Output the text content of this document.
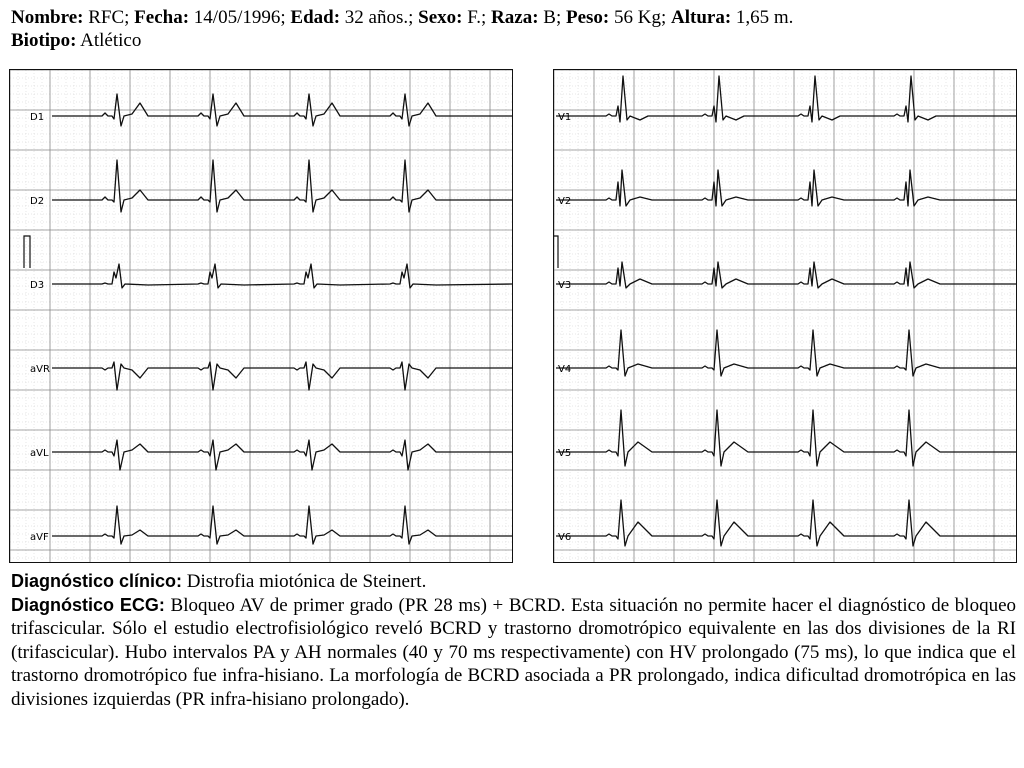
Nombre: RFC; Fecha: 14/05/1996; Edad: 32 años.; Sexo: F.; Raza: B; Peso: 56 Kg; Altura: 1,65 m.
Biotipo: Atlético
D1
D2
D3
aVR
aVL
aVF
V1
V2
V3
V4
V5
V6

Diagnóstico clínico: Distrofia miotónica de Steinert.

Diagnóstico ECG: Bloqueo AV de primer grado (PR 28 ms) + BCRD. Esta situación no permite hacer el diagnóstico de bloqueo trifascicular. Sólo el estudio electrofisiológico reveló BCRD y trastorno dromotrópico equivalente en las dos divisiones de la RI (trifascicular). Hubo intervalos PA y AH normales (40 y 70 ms respectivamente) con HV prolongado (75 ms), lo que indica que el trastorno dromotrópico fue infra-hisiano. La morfología de BCRD asociada a PR prolongado, indica dificultad dromotrópica en las divisiones izquierdas (PR infra-hisiano prolongado).
